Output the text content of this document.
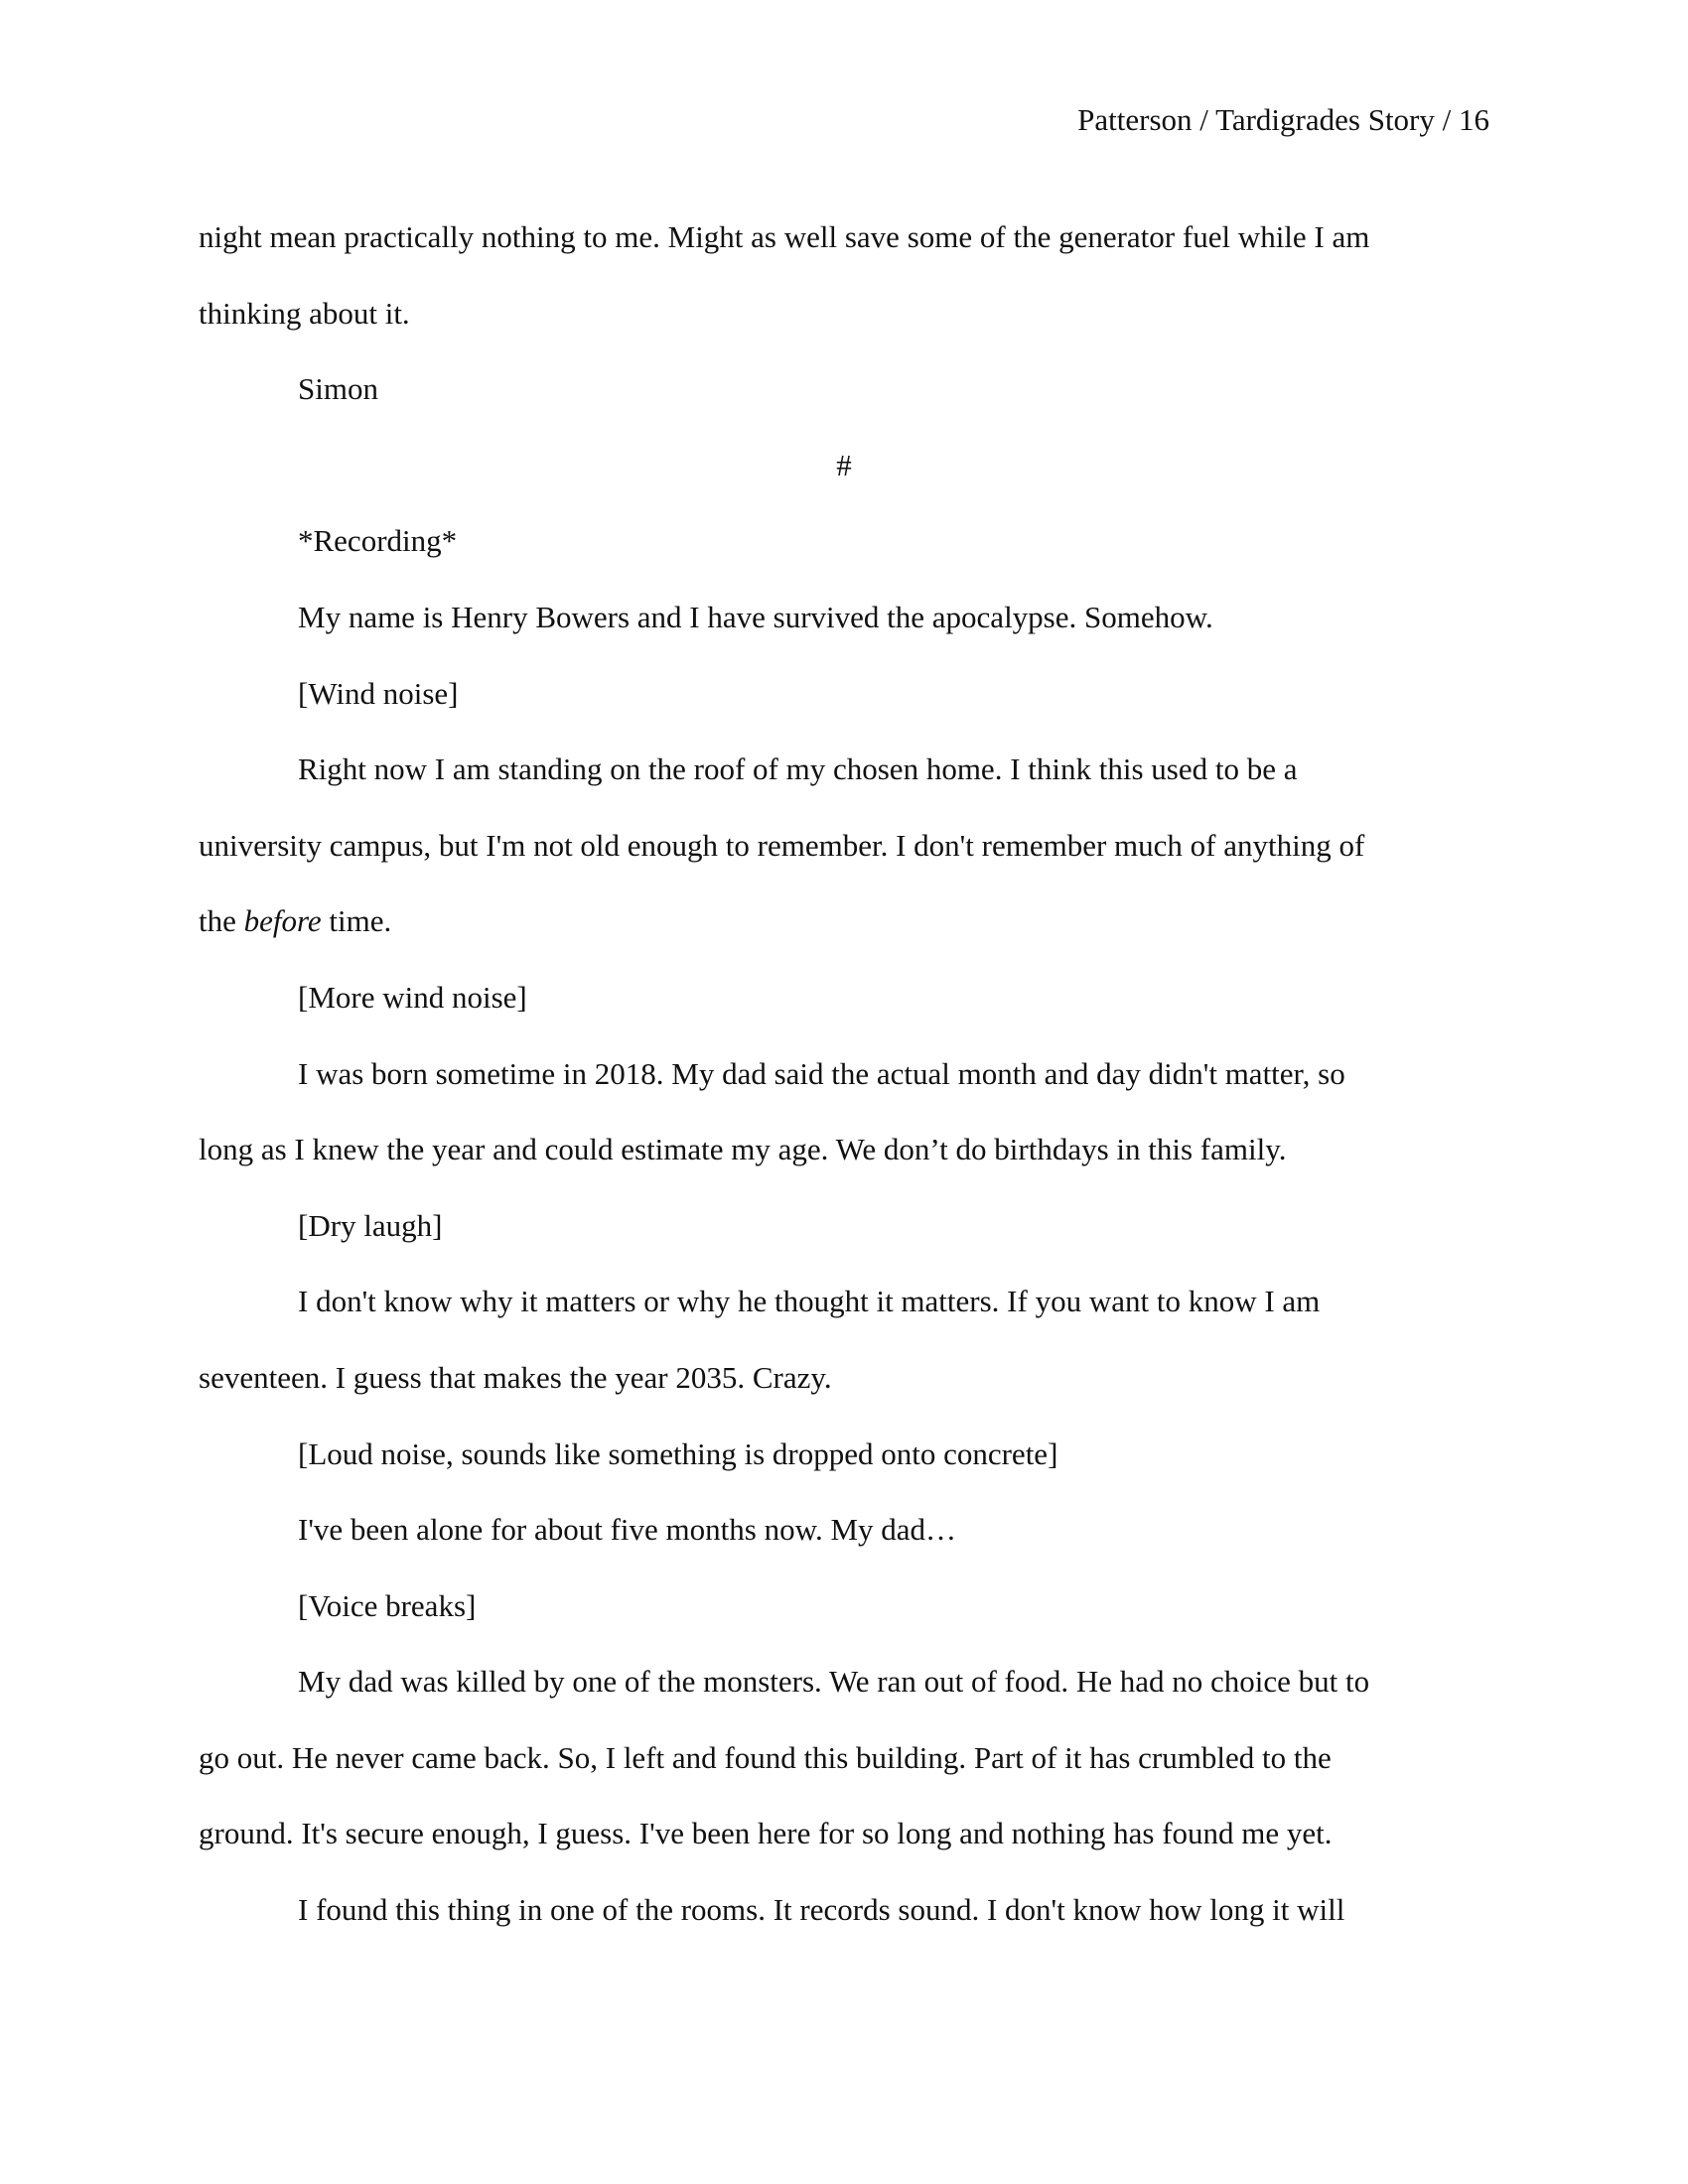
Patterson / Tardigrades Story / 16
night mean practically nothing to me. Might as well save some of the generator fuel while I am
thinking about it.
Simon
#
*Recording*
My name is Henry Bowers and I have survived the apocalypse. Somehow.
[Wind noise]
Right now I am standing on the roof of my chosen home. I think this used to be a
university campus, but I'm not old enough to remember. I don't remember much of anything of
the before time.
[More wind noise]
I was born sometime in 2018. My dad said the actual month and day didn't matter, so
long as I knew the year and could estimate my age. We don’t do birthdays in this family.
[Dry laugh]
I don't know why it matters or why he thought it matters. If you want to know I am
seventeen. I guess that makes the year 2035. Crazy.
[Loud noise, sounds like something is dropped onto concrete]
I've been alone for about five months now. My dad…
[Voice breaks]
My dad was killed by one of the monsters. We ran out of food. He had no choice but to
go out. He never came back. So, I left and found this building. Part of it has crumbled to the
ground. It's secure enough, I guess. I've been here for so long and nothing has found me yet.
I found this thing in one of the rooms. It records sound. I don't know how long it will
